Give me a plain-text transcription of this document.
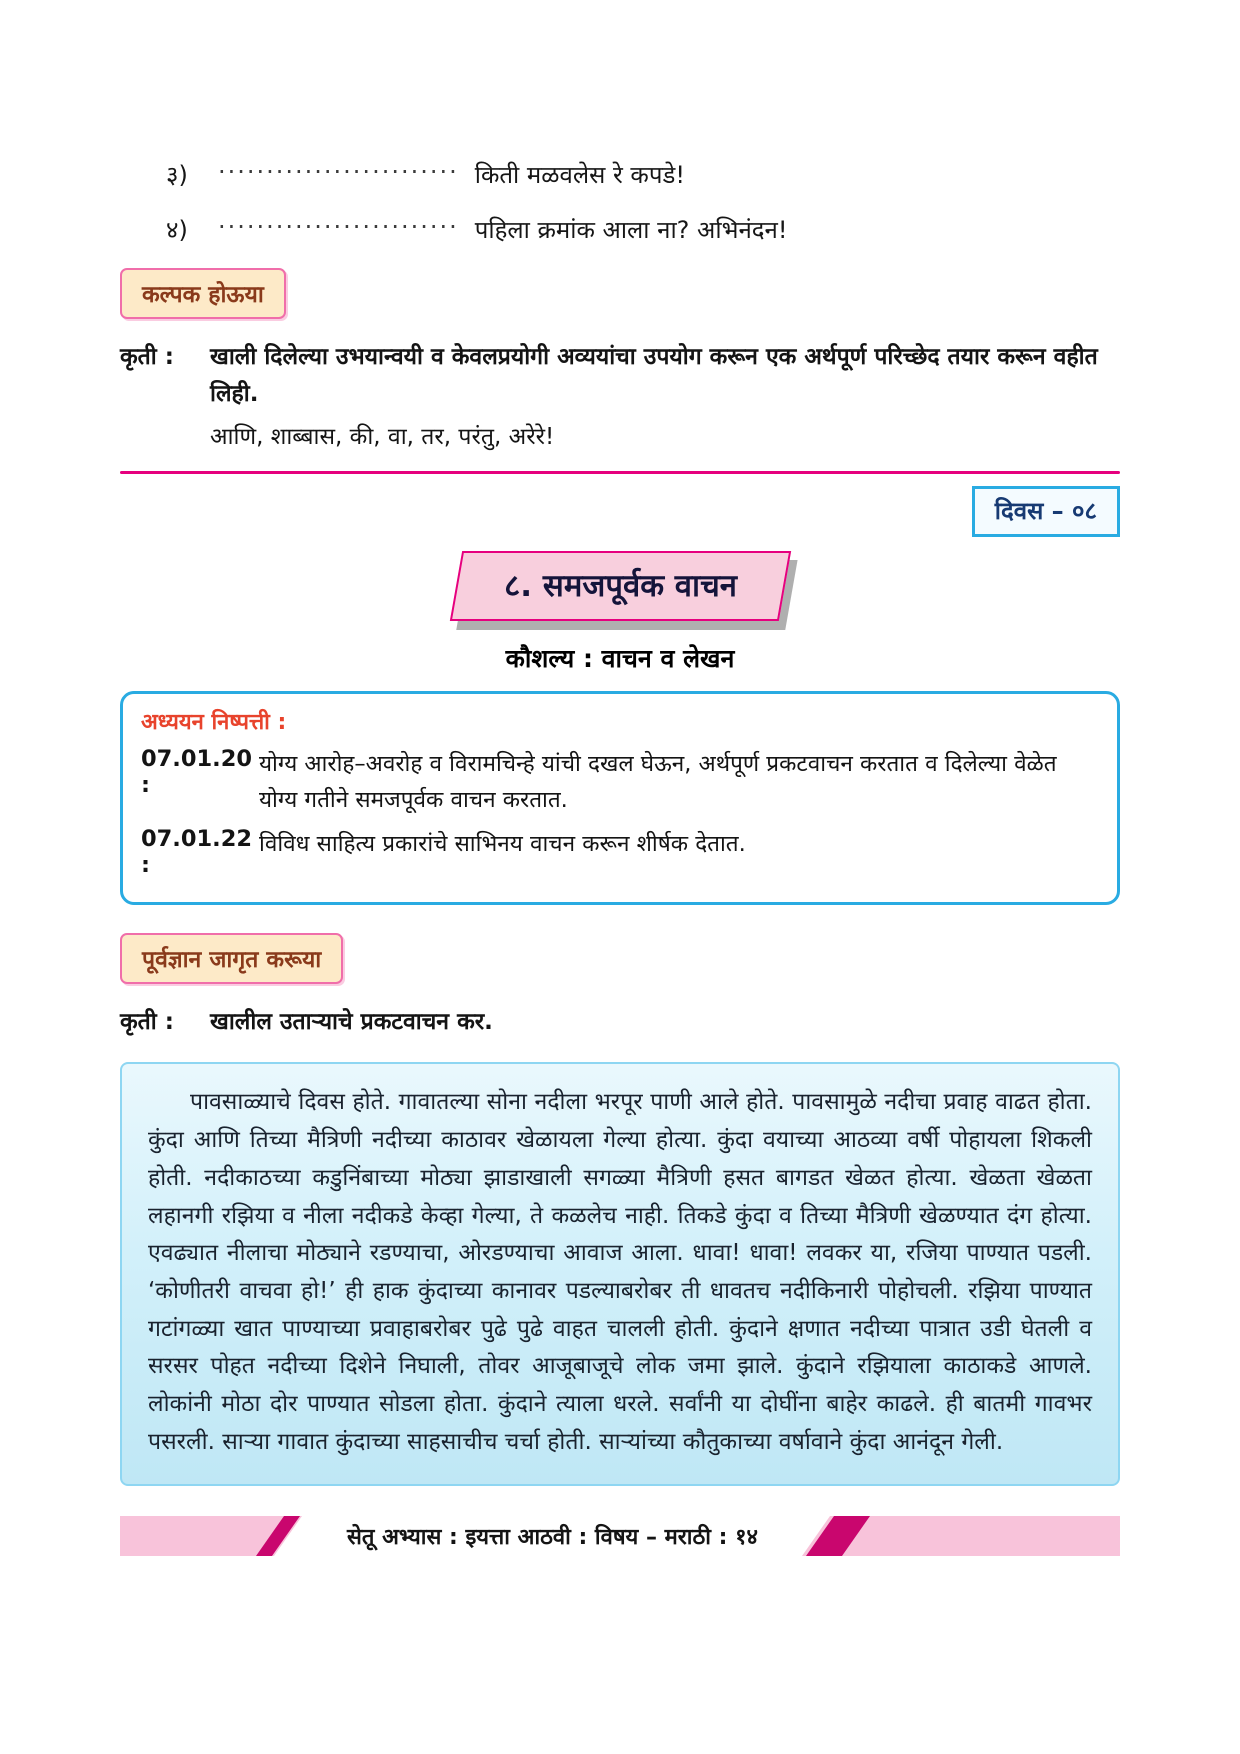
३)	························· किती मळवलेस रे कपडे!
४)	························· पहिला क्रमांक आला ना? अभिनंदन!
कल्पक होऊया
कृती :	खाली दिलेल्या उभयान्वयी व केवलप्रयोगी अव्ययांचा उपयोग करून एक अर्थपूर्ण परिच्छेद तयार करून वहीत लिही.
आणि, शाब्बास, की, वा, तर, परंतु, अरेरे!
दिवस – ०८
८. समजपूर्वक वाचन
कौशल्य : वाचन व लेखन
अध्ययन निष्पत्ती :
07.01.20 :
योग्य आरोह–अवरोह व विरामचिन्हे यांची दखल घेऊन, अर्थपूर्ण प्रकटवाचन करतात व दिलेल्या वेळेत योग्य गतीने समजपूर्वक वाचन करतात.
07.01.22 :
विविध साहित्य प्रकारांचे साभिनय वाचन करून शीर्षक देतात.
पूर्वज्ञान जागृत करूया
कृती :	खालील उताऱ्याचे प्रकटवाचन कर.
पावसाळ्याचे दिवस होते. गावातल्या सोना नदीला भरपूर पाणी आले होते. पावसामुळे नदीचा प्रवाह वाढत होता. कुंदा आणि तिच्या मैत्रिणी नदीच्या काठावर खेळायला गेल्या होत्या. कुंदा वयाच्या आठव्या वर्षी पोहायला शिकली होती. नदीकाठच्या कडुनिंबाच्या मोठ्या झाडाखाली सगळ्या मैत्रिणी हसत बागडत खेळत होत्या. खेळता खेळता लहानगी रझिया व नीला नदीकडे केव्हा गेल्या, ते कळलेच नाही. तिकडे कुंदा व तिच्या मैत्रिणी खेळण्यात दंग होत्या. एवढ्यात नीलाचा मोठ्याने रडण्याचा, ओरडण्याचा आवाज आला. धावा! धावा! लवकर या, रजिया पाण्यात पडली. ‘कोणीतरी वाचवा हो!’ ही हाक कुंदाच्या कानावर पडल्याबरोबर ती धावतच नदीकिनारी पोहोचली. रझिया पाण्यात गटांगळ्या खात पाण्याच्या प्रवाहाबरोबर पुढे पुढे वाहत चालली होती. कुंदाने क्षणात नदीच्या पात्रात उडी घेतली व सरसर पोहत नदीच्या दिशेने निघाली, तोवर आजूबाजूचे लोक जमा झाले. कुंदाने रझियाला काठाकडे आणले. लोकांनी मोठा दोर पाण्यात सोडला होता. कुंदाने त्याला धरले. सर्वांनी या दोघींना बाहेर काढले. ही बातमी गावभर पसरली. साऱ्या गावात कुंदाच्या साहसाचीच चर्चा होती. साऱ्यांच्या कौतुकाच्या वर्षावाने कुंदा आनंदून गेली.
सेतू अभ्यास : इयत्ता आठवी : विषय – मराठी : १४
